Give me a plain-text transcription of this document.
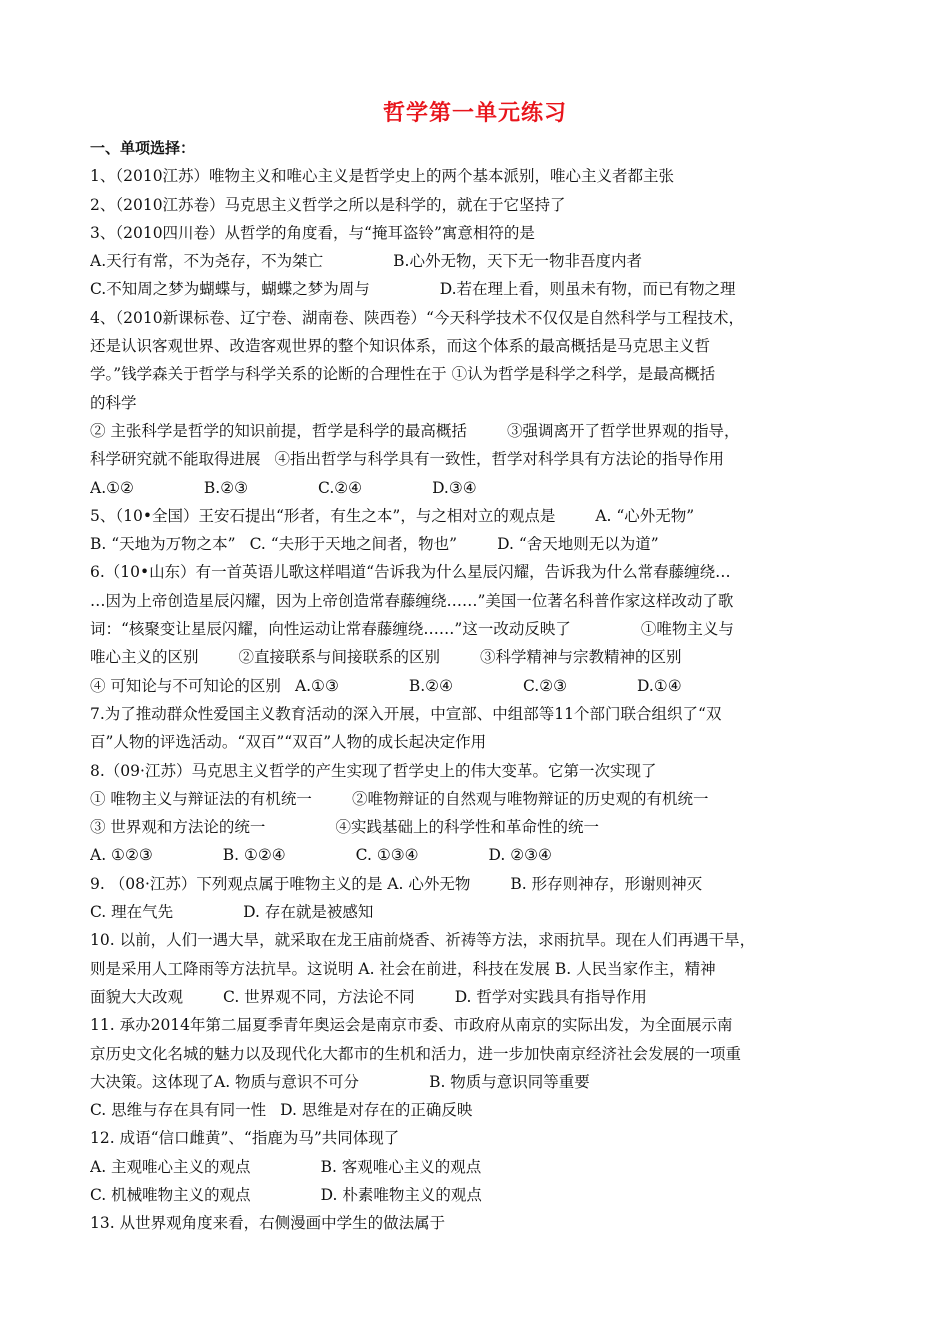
哲学第一单元练习
一、单项选择：
1、（2010江苏）唯物主义和唯心主义是哲学史上的两个基本派别，唯心主义者都主张
2、（2010江苏卷）马克思主义哲学之所以是科学的，就在于它坚持了
3、（2010四川卷）从哲学的角度看，与“掩耳盗铃”寓意相符的是
A.天行有常，不为尧存，不为桀亡	B.心外无物，天下无一物非吾度内者
C.不知周之梦为蝴蝶与，蝴蝶之梦为周与	D.若在理上看，则虽未有物，而已有物之理
4、（2010新课标卷、辽宁卷、湖南卷、陕西卷）“今天科学技术不仅仅是自然科学与工程技术，
还是认识客观世界、改造客观世界的整个知识体系，而这个体系的最高概括是马克思主义哲
学。”钱学森关于哲学与科学关系的论断的合理性在于 ①认为哲学是科学之科学，是最高概括
的科学
② 主张科学是哲学的知识前提，哲学是科学的最高概括	③强调离开了哲学世界观的指导，
科学研究就不能取得进展 ④指出哲学与科学具有一致性，哲学对科学具有方法论的指导作用
A.①②	B.②③	C.②④	D.③④
5、（10•全国）王安石提出“形者，有生之本”，与之相对立的观点是	A. “心外无物”
B. “天地为万物之本” C. “夫形于天地之间者，物也”	D. “舍天地则无以为道”
6.（10•山东）有一首英语儿歌这样唱道“告诉我为什么星辰闪耀，告诉我为什么常春藤缠绕…
…因为上帝创造星辰闪耀，因为上帝创造常春藤缠绕……”美国一位著名科普作家这样改动了歌
词：“核聚变让星辰闪耀，向性运动让常春藤缠绕……”这一改动反映了	①唯物主义与
唯心主义的区别	②直接联系与间接联系的区别	③科学精神与宗教精神的区别
④ 可知论与不可知论的区别 A.①③	B.②④	C.②③	D.①④
7.为了推动群众性爱国主义教育活动的深入开展，中宣部、中组部等11个部门联合组织了“双
百”人物的评选活动。“双百”“双百”人物的成长起决定作用
8.（09·江苏）马克思主义哲学的产生实现了哲学史上的伟大变革。它第一次实现了
① 唯物主义与辩证法的有机统一	②唯物辩证的自然观与唯物辩证的历史观的有机统一
③ 世界观和方法论的统一	④实践基础上的科学性和革命性的统一
A. ①②③	B. ①②④	C. ①③④	D. ②③④
9. （08·江苏）下列观点属于唯物主义的是 A. 心外无物	B. 形存则神存，形谢则神灭
C. 理在气先	D. 存在就是被感知
10. 以前，人们一遇大旱，就采取在龙王庙前烧香、祈祷等方法，求雨抗旱。现在人们再遇干旱，
则是采用人工降雨等方法抗旱。这说明 A. 社会在前进，科技在发展 B. 人民当家作主，精神
面貌大大改观	C. 世界观不同，方法论不同	D. 哲学对实践具有指导作用
11. 承办2014年第二届夏季青年奥运会是南京市委、市政府从南京的实际出发，为全面展示南
京历史文化名城的魅力以及现代化大都市的生机和活力，进一步加快南京经济社会发展的一项重
大决策。这体现了A. 物质与意识不可分	B. 物质与意识同等重要
C. 思维与存在具有同一性 D. 思维是对存在的正确反映
12. 成语“信口雌黄”、“指鹿为马”共同体现了
A. 主观唯心主义的观点	B. 客观唯心主义的观点
C. 机械唯物主义的观点	D. 朴素唯物主义的观点
13. 从世界观角度来看，右侧漫画中学生的做法属于
